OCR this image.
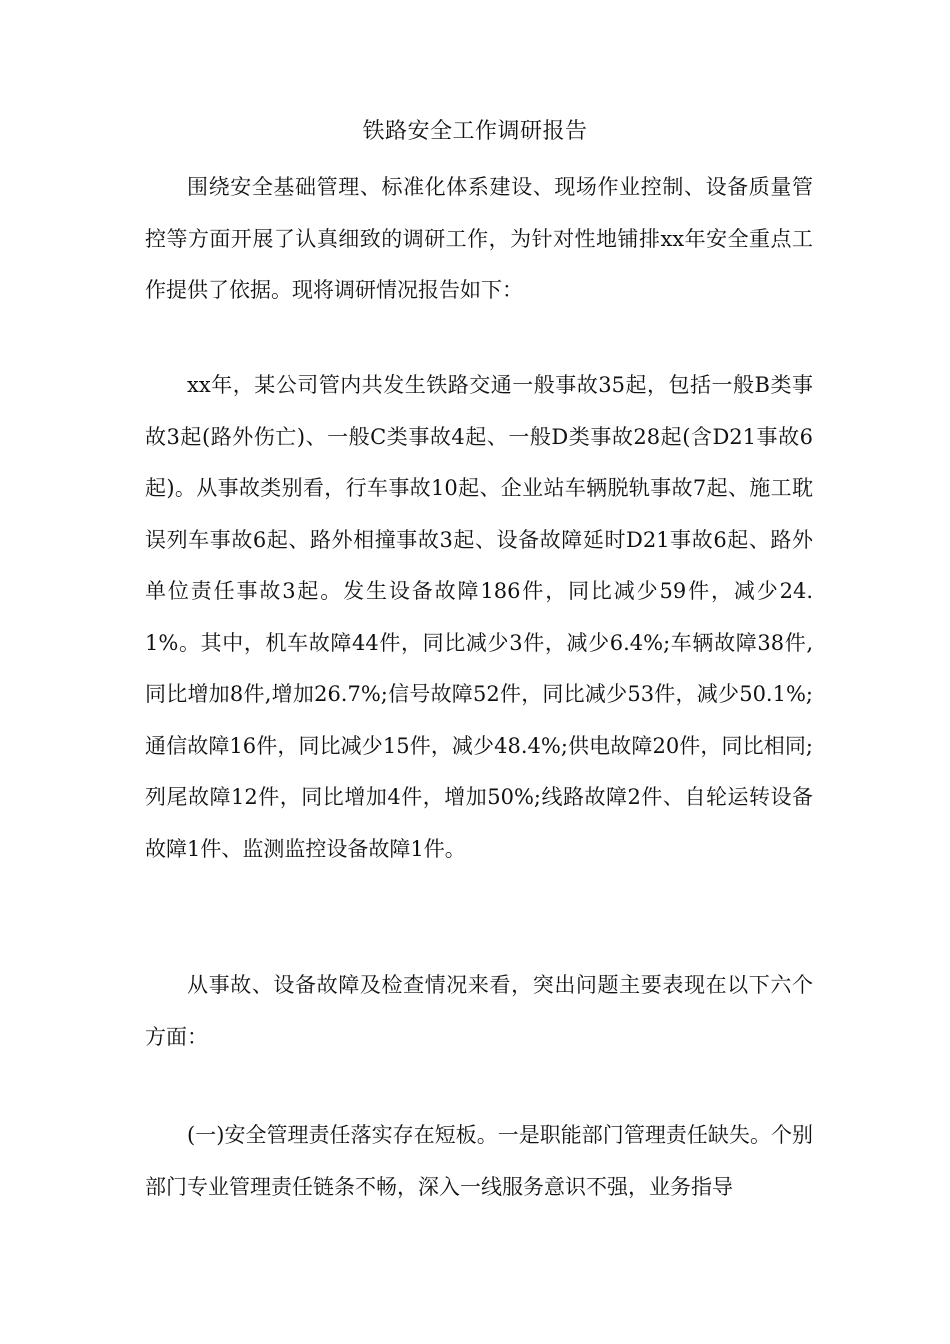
铁路安全工作调研报告

围绕安全基础管理、标准化体系建设、现场作业控制、设备质量管控等方面开展了认真细致的调研工作，为针对性地铺排xx年安全重点工作提供了依据。现将调研情况报告如下：

xx年，某公司管内共发生铁路交通一般事故35起，包括一般B类事故3起(路外伤亡)、一般C类事故4起、一般D类事故28起(含D21事故6起)。从事故类别看，行车事故10起、企业站车辆脱轨事故7起、施工耽误列车事故6起、路外相撞事故3起、设备故障延时D21事故6起、路外单位责任事故3起。发生设备故障186件，同比减少59件，减少24.1%。其中，机车故障44件，同比减少3件，减少6.4%;车辆故障38件,同比增加8件,增加26.7%;信号故障52件，同比减少53件，减少50.1%;通信故障16件，同比减少15件，减少48.4%;供电故障20件，同比相同;列尾故障12件，同比增加4件，增加50%;线路故障2件、自轮运转设备故障1件、监测监控设备故障1件。

从事故、设备故障及检查情况来看，突出问题主要表现在以下六个方面：

(一)安全管理责任落实存在短板。一是职能部门管理责任缺失。个别部门专业管理责任链条不畅，深入一线服务意识不强，业务指导
